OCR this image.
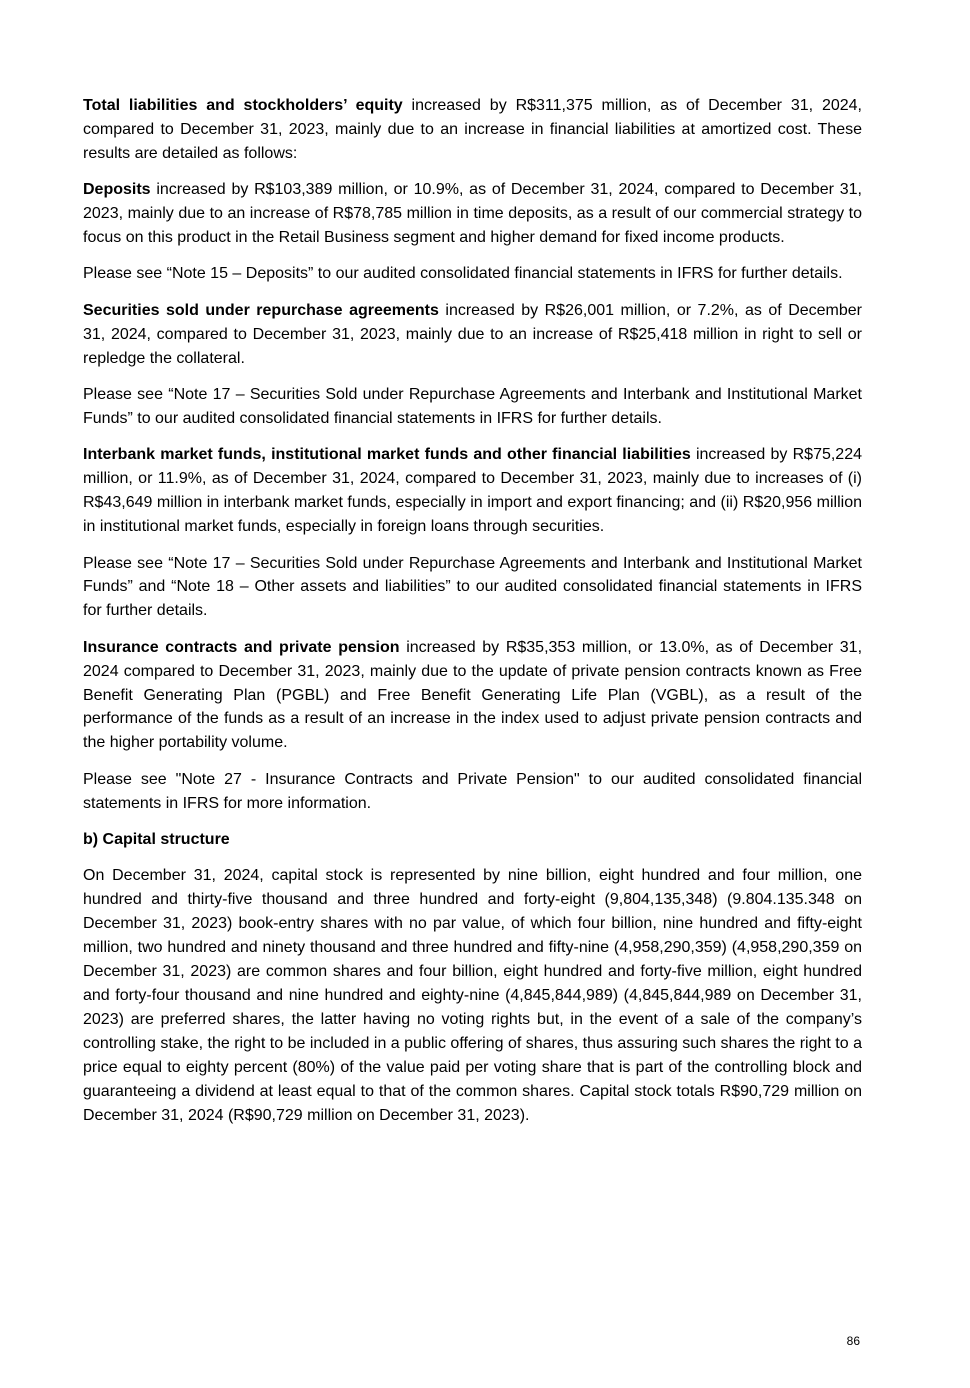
Total liabilities and stockholders’ equity increased by R$311,375 million, as of December 31, 2024, compared to December 31, 2023, mainly due to an increase in financial liabilities at amortized cost. These results are detailed as follows:

Deposits increased by R$103,389 million, or 10.9%, as of December 31, 2024, compared to December 31, 2023, mainly due to an increase of R$78,785 million in time deposits, as a result of our commercial strategy to focus on this product in the Retail Business segment and higher demand for fixed income products.

Please see “Note 15 – Deposits” to our audited consolidated financial statements in IFRS for further details.

Securities sold under repurchase agreements increased by R$26,001 million, or 7.2%, as of December 31, 2024, compared to December 31, 2023, mainly due to an increase of R$25,418 million in right to sell or repledge the collateral.

Please see “Note 17 – Securities Sold under Repurchase Agreements and Interbank and Institutional Market Funds” to our audited consolidated financial statements in IFRS for further details.

Interbank market funds, institutional market funds and other financial liabilities increased by R$75,224 million, or 11.9%, as of December 31, 2024, compared to December 31, 2023, mainly due to increases of (i) R$43,649 million in interbank market funds, especially in import and export financing; and (ii) R$20,956 million in institutional market funds, especially in foreign loans through securities.

Please see “Note 17 – Securities Sold under Repurchase Agreements and Interbank and Institutional Market Funds” and “Note 18 – Other assets and liabilities” to our audited consolidated financial statements in IFRS for further details.

Insurance contracts and private pension increased by R$35,353 million, or 13.0%, as of December 31, 2024 compared to December 31, 2023, mainly due to the update of private pension contracts known as Free Benefit Generating Plan (PGBL) and Free Benefit Generating Life Plan (VGBL), as a result of the performance of the funds as a result of an increase in the index used to adjust private pension contracts and the higher portability volume.

Please see "Note 27 - Insurance Contracts and Private Pension" to our audited consolidated financial statements in IFRS for more information.

b) Capital structure

On December 31, 2024, capital stock is represented by nine billion, eight hundred and four million, one hundred and thirty-five thousand and three hundred and forty-eight (9,804,135,348) (9.804.135.348 on December 31, 2023) book-entry shares with no par value, of which four billion, nine hundred and fifty-eight million, two hundred and ninety thousand and three hundred and fifty-nine (4,958,290,359) (4,958,290,359 on December 31, 2023) are common shares and four billion, eight hundred and forty-five million, eight hundred and forty-four thousand and nine hundred and eighty-nine (4,845,844,989) (4,845,844,989 on December 31, 2023) are preferred shares, the latter having no voting rights but, in the event of a sale of the company’s controlling stake, the right to be included in a public offering of shares, thus assuring such shares the right to a price equal to eighty percent (80%) of the value paid per voting share that is part of the controlling block and guaranteeing a dividend at least equal to that of the common shares. Capital stock totals R$90,729 million on December 31, 2024 (R$90,729 million on December 31, 2023).

86
